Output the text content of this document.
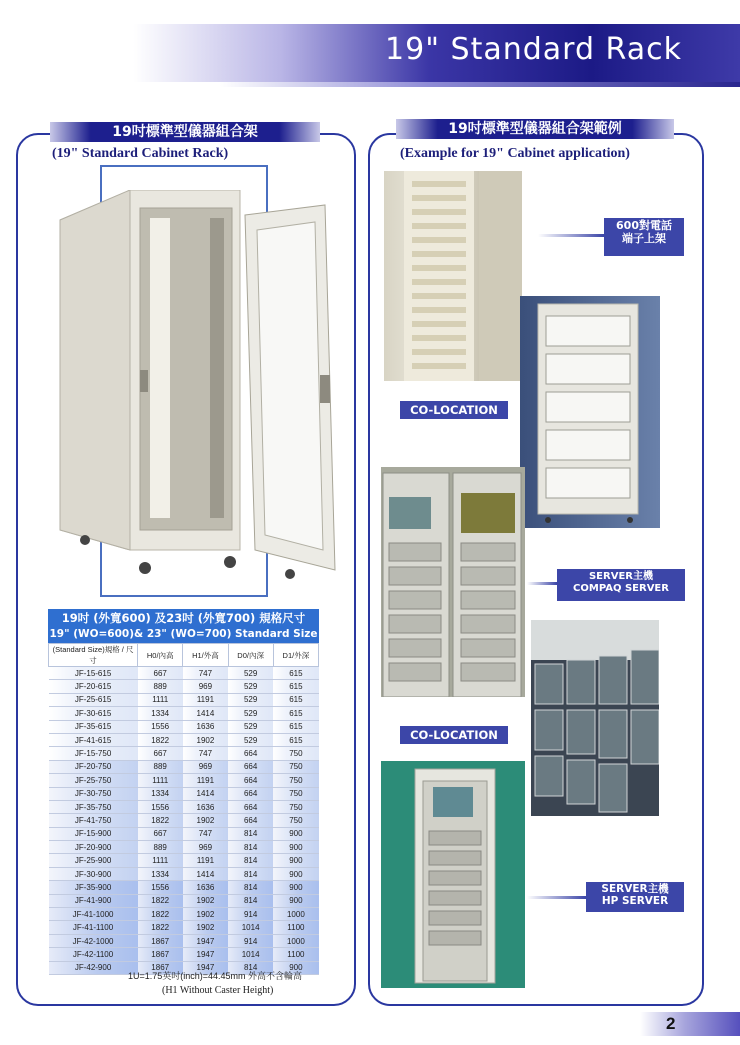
19" Standard Rack
19吋標準型儀器組合架
(19" Standard Cabinet Rack)
19吋 (外寬600) 及23吋 (外寬700) 規格尺寸
19" (WO=600)& 23" (WO=700) Standard Size
(Standard Size)規格 / 尺寸	H0/內高	H1/外高	D0/內深	D1/外深
JF-15-615	667	747	529	615
JF-20-615	889	969	529	615
JF-25-615	1111	1191	529	615
JF-30-615	1334	1414	529	615
JF-35-615	1556	1636	529	615
JF-41-615	1822	1902	529	615
JF-15-750	667	747	664	750
JF-20-750	889	969	664	750
JF-25-750	1111	1191	664	750
JF-30-750	1334	1414	664	750
JF-35-750	1556	1636	664	750
JF-41-750	1822	1902	664	750
JF-15-900	667	747	814	900
JF-20-900	889	969	814	900
JF-25-900	1111	1191	814	900
JF-30-900	1334	1414	814	900
JF-35-900	1556	1636	814	900
JF-41-900	1822	1902	814	900
JF-41-1000	1822	1902	914	1000
JF-41-1100	1822	1902	1014	1100
JF-42-1000	1867	1947	914	1000
JF-42-1100	1867	1947	1014	1100
JF-42-900	1867	1947	814	900
1U=1.75英吋(inch)=44.45mm 外高不含輪高
(H1 Without Caster Height)
19吋標準型儀器組合架範例
(Example for 19" Cabinet application)
600對電話
端子上架
CO-LOCATION
SERVER主機
COMPAQ SERVER
CO-LOCATION
SERVER主機
HP SERVER
2
